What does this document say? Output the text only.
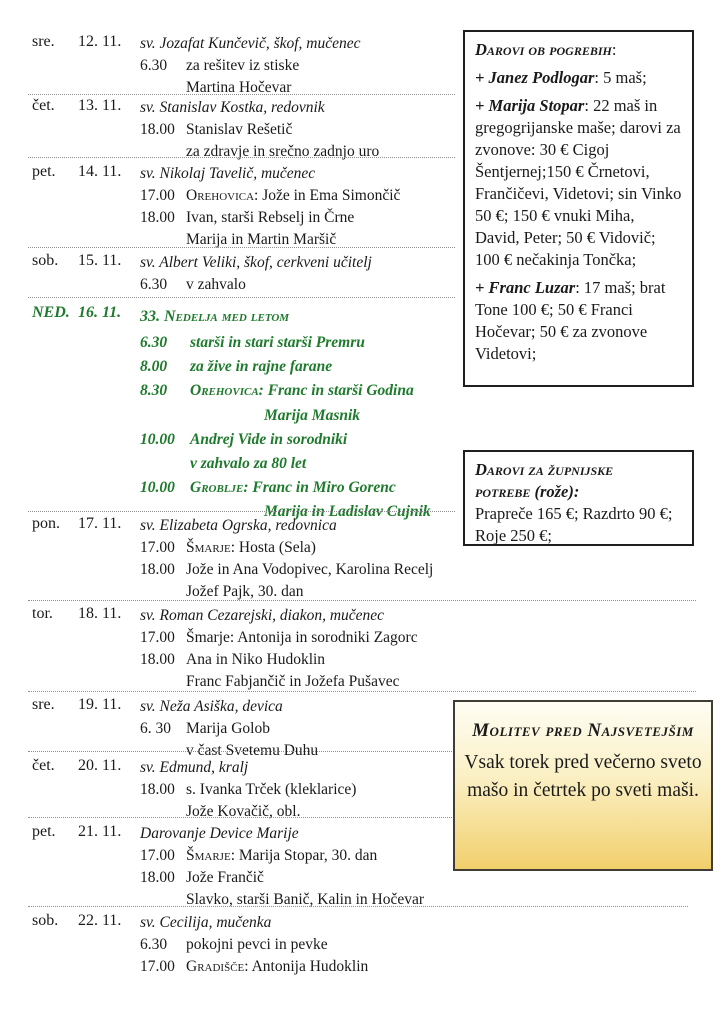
sre.	12. 11.	sv. Jozafat Kunčevič, škof, mučenec
6.30 za rešitev iz stiske
Martina Hočevar
čet.	13. 11.	sv. Stanislav Kostka, redovnik
18.00 Stanislav Rešetič
za zdravje in srečno zadnjo uro
pet.	14. 11.	sv. Nikolaj Tavelič, mučenec
17.00 Orehovica: Jože in Ema Simončič
18.00 Ivan, starši Rebselj in Črne
Marija in Martin Maršič
sob.	15. 11.	sv. Albert Veliki, škof, cerkveni učitelj
6.30 v zahvalo
NED. 16. 11.	33. Nedelja med letom
6.30 starši in stari starši Premru
8.00 za žive in rajne farane
8.30 Orehovica: Franc in starši Godina
Marija Masnik
10.00 Andrej Vide in sorodniki
v zahvalo za 80 let
10.00 Groblje: Franc in Miro Gorenc
Marija in Ladislav Cujnik
pon.	17. 11.	sv. Elizabeta Ogrska, redovnica
17.00 Šmarje: Hosta (Sela)
18.00 Jože in Ana Vodopivec, Karolina Recelj
Jožef Pajk, 30. dan
tor.	18. 11.	sv. Roman Cezarejski, diakon, mučenec
17.00 Šmarje: Antonija in sorodniki Zagorc
18.00 Ana in Niko Hudoklin
Franc Fabjančič in Jožefa Pušavec
sre.	19. 11.	sv. Neža Asiška, devica
6. 30 Marija Golob
v čast Svetemu Duhu
čet.	20. 11.	sv. Edmund, kralj
18.00 s. Ivanka Trček (kleklarice)
Jože Kovačič, obl.
pet.	21. 11.	Darovanje Device Marije
17.00 Šmarje: Marija Stopar, 30. dan
18.00 Jože Frančič
Slavko, starši Banič, Kalin in Hočevar
sob.	22. 11.	sv. Cecilija, mučenka
6.30 pokojni pevci in pevke
17.00 Gradišče: Antonija Hudoklin
Darovi ob pogrebih:

+ Janez Podlogar: 5 maš;

+ Marija Stopar: 22 maš in gregogrijanske maše; darovi za zvonove: 30 € Cigoj Šentjernej;150 € Črnetovi, Frančičevi, Videtovi; sin Vinko 50 €; 150 € vnuki Miha, David, Peter; 50 € Vidovič; 100 € nečakinja Tončka;

+ Franc Luzar: 17 maš; brat Tone 100 €; 50 € Franci Hočevar; 50 € za zvonove Videtovi;

Darovi za župnijske
potrebe (rože):
Prapreče 165 €; Razdrto 90 €; Roje 250 €;
Molitev pred Najsvetejšim
Vsak torek pred večerno sveto mašo in četrtek po sveti maši.
